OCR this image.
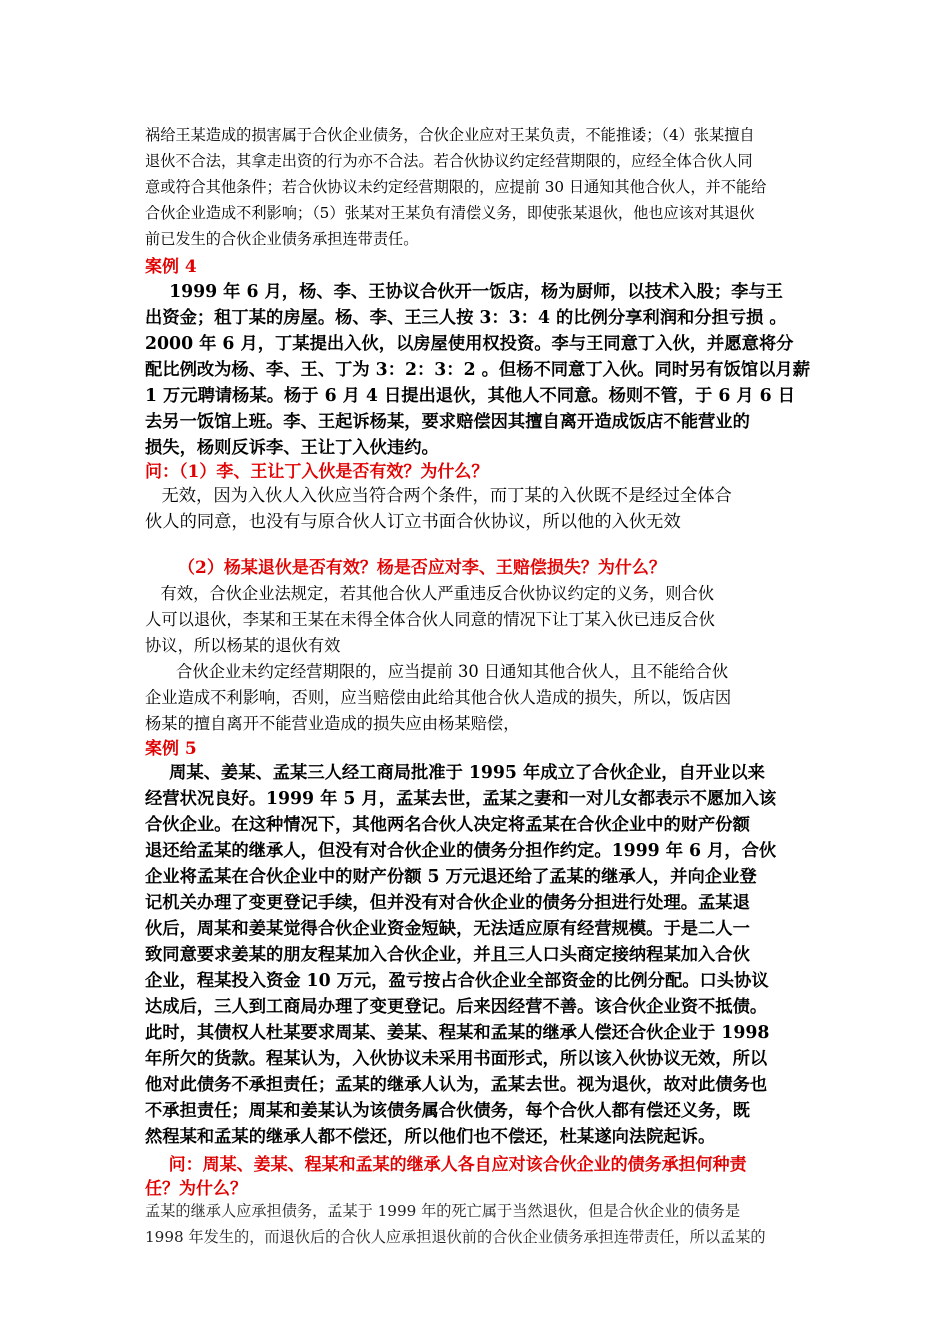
祸给王某造成的损害属于合伙企业债务，合伙企业应对王某负责，不能推诿；（4）张某擅自
退伙不合法，其拿走出资的行为亦不合法。若合伙协议约定经营期限的，应经全体合伙人同
意或符合其他条件；若合伙协议未约定经营期限的，应提前 30 日通知其他合伙人，并不能给
合伙企业造成不利影响；（5）张某对王某负有清偿义务，即使张某退伙，他也应该对其退伙
前已发生的合伙企业债务承担连带责任。
案例 4
1999 年 6 月，杨、李、王协议合伙开一饭店，杨为厨师，以技术入股；李与王
出资金；租丁某的房屋。杨、李、王三人按 3：3：4 的比例分享利润和分担亏损 。
2000 年 6 月，丁某提出入伙，以房屋使用权投资。李与王同意丁入伙，并愿意将分
配比例改为杨、李、王、丁为 3：2：3：2 。但杨不同意丁入伙。同时另有饭馆以月薪
1 万元聘请杨某。杨于 6 月 4 日提出退伙，其他人不同意。杨则不管，于 6 月 6 日
去另一饭馆上班。李、王起诉杨某，要求赔偿因其擅自离开造成饭店不能营业的
损失，杨则反诉李、王让丁入伙违约。
问：（1）李、王让丁入伙是否有效？为什么？
无效，因为入伙人入伙应当符合两个条件，而丁某的入伙既不是经过全体合
伙人的同意，也没有与原合伙人订立书面合伙协议，所以他的入伙无效
（2）杨某退伙是否有效？杨是否应对李、王赔偿损失？为什么？
有效，合伙企业法规定，若其他合伙人严重违反合伙协议约定的义务，则合伙
人可以退伙，李某和王某在未得全体合伙人同意的情况下让丁某入伙已违反合伙
协议，所以杨某的退伙有效
合伙企业未约定经营期限的，应当提前 30 日通知其他合伙人，且不能给合伙
企业造成不利影响，否则，应当赔偿由此给其他合伙人造成的损失，所以，饭店因
杨某的擅自离开不能营业造成的损失应由杨某赔偿，
案例 5
周某、姜某、孟某三人经工商局批准于 1995 年成立了合伙企业，自开业以来
经营状况良好。1999 年 5 月，孟某去世，孟某之妻和一对儿女都表示不愿加入该
合伙企业。在这种情况下，其他两名合伙人决定将孟某在合伙企业中的财产份额
退还给孟某的继承人，但没有对合伙企业的债务分担作约定。1999 年 6 月，合伙
企业将孟某在合伙企业中的财产份额 5 万元退还给了孟某的继承人，并向企业登
记机关办理了变更登记手续，但并没有对合伙企业的债务分担进行处理。孟某退
伙后，周某和姜某觉得合伙企业资金短缺，无法适应原有经营规模。于是二人一
致同意要求姜某的朋友程某加入合伙企业，并且三人口头商定接纳程某加入合伙
企业，程某投入资金 10 万元，盈亏按占合伙企业全部资金的比例分配。口头协议
达成后，三人到工商局办理了变更登记。后来因经营不善。该合伙企业资不抵债。
此时，其债权人杜某要求周某、姜某、程某和孟某的继承人偿还合伙企业于 1998
年所欠的货款。程某认为，入伙协议未采用书面形式，所以该入伙协议无效，所以
他对此债务不承担责任；孟某的继承人认为，孟某去世。视为退伙，故对此债务也
不承担责任；周某和姜某认为该债务属合伙债务，每个合伙人都有偿还义务，既
然程某和孟某的继承人都不偿还，所以他们也不偿还，杜某遂向法院起诉。
问：周某、姜某、程某和孟某的继承人各自应对该合伙企业的债务承担何种责
任？为什么？
孟某的继承人应承担债务，孟某于 1999 年的死亡属于当然退伙，但是合伙企业的债务是
1998 年发生的，而退伙后的合伙人应承担退伙前的合伙企业债务承担连带责任，所以孟某的
